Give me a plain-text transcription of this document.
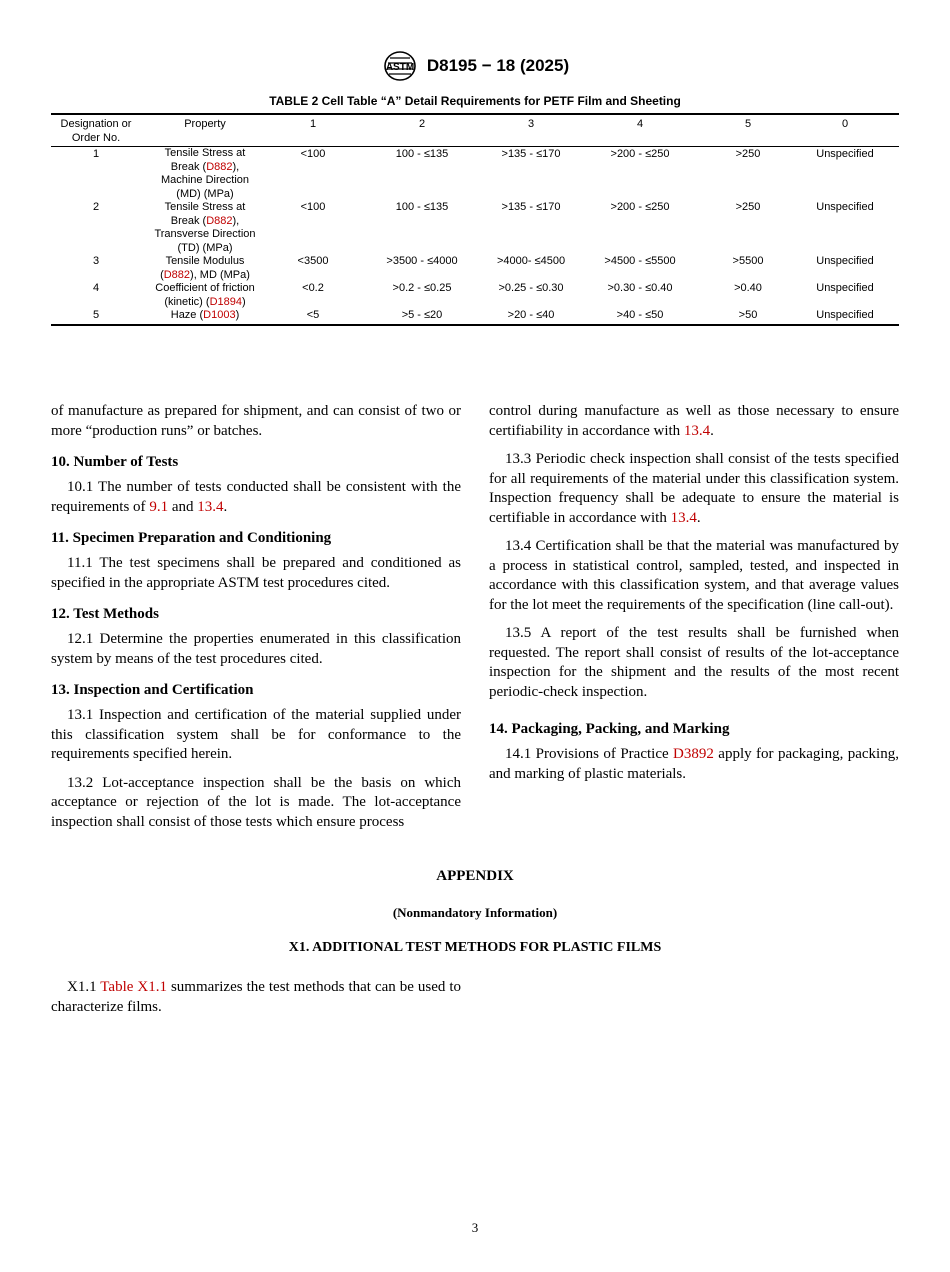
ASTM D8195 − 18 (2025)
TABLE 2 Cell Table “A” Detail Requirements for PETF Film and Sheeting
Designation or Order No.	Property	1	2	3	4	5	0
1	Tensile Stress at Break (D882), Machine Direction (MD) (MPa)	<100	100 - ≤135	>135 - ≤170	>200 - ≤250	>250	Unspecified
2	Tensile Stress at Break (D882), Transverse Direction (TD) (MPa)	<100	100 - ≤135	>135 - ≤170	>200 - ≤250	>250	Unspecified
3	Tensile Modulus (D882), MD (MPa)	<3500	>3500 - ≤4000	>4000- ≤4500	>4500 - ≤5500	>5500	Unspecified
4	Coefficient of friction (kinetic) (D1894)	<0.2	>0.2 - ≤0.25	>0.25 - ≤0.30	>0.30 - ≤0.40	>0.40	Unspecified
5	Haze (D1003)	<5	>5 - ≤20	>20 - ≤40	>40 - ≤50	>50	Unspecified

of manufacture as prepared for shipment, and can consist of two or more “production runs” or batches.

10. Number of Tests

10.1 The number of tests conducted shall be consistent with the requirements of 9.1 and 13.4.

11. Specimen Preparation and Conditioning

11.1 The test specimens shall be prepared and conditioned as specified in the appropriate ASTM test procedures cited.

12. Test Methods

12.1 Determine the properties enumerated in this classification system by means of the test procedures cited.

13. Inspection and Certification

13.1 Inspection and certification of the material supplied under this classification system shall be for conformance to the requirements specified herein.

13.2 Lot-acceptance inspection shall be the basis on which acceptance or rejection of the lot is made. The lot-acceptance inspection shall consist of those tests which ensure process

control during manufacture as well as those necessary to ensure certifiability in accordance with 13.4.

13.3 Periodic check inspection shall consist of the tests specified for all requirements of the material under this classification system. Inspection frequency shall be adequate to ensure the material is certifiable in accordance with 13.4.

13.4 Certification shall be that the material was manufactured by a process in statistical control, sampled, tested, and inspected in accordance with this classification system, and that average values for the lot meet the requirements of the specification (line call-out).

13.5 A report of the test results shall be furnished when requested. The report shall consist of results of the lot-acceptance inspection for the shipment and the results of the most recent periodic-check inspection.

14. Packaging, Packing, and Marking

14.1 Provisions of Practice D3892 apply for packaging, packing, and marking of plastic materials.

APPENDIX
(Nonmandatory Information)
X1. ADDITIONAL TEST METHODS FOR PLASTIC FILMS

X1.1 Table X1.1 summarizes the test methods that can be used to characterize films.

3
